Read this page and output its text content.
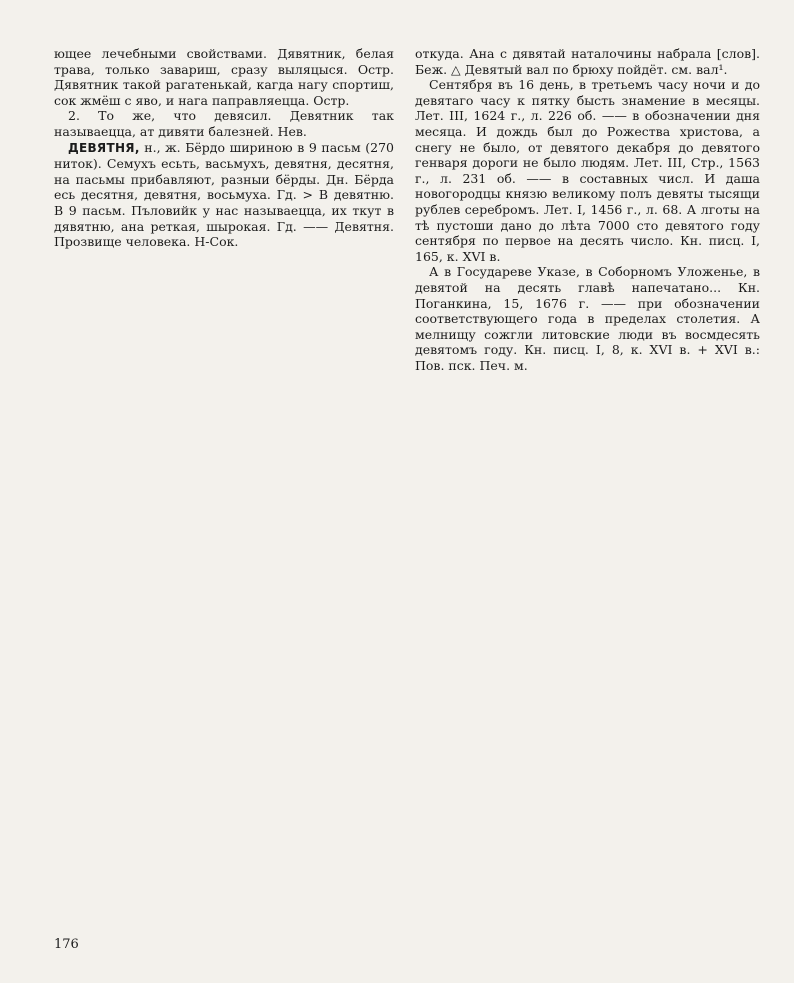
ющее лечебными свойствами. Дявятник, белая трава, только завариш, сразу выляцыся. Остр. Дявятник такой рагатенькай, кагда нагу спортиш, сок жмёш с яво, и нага паправляецца. Остр.

2. То же, что девясил. Девятник так называецца, ат дивяти балезней. Нев.

ДЕВЯТНЯ, н., ж. Бёрдо шириною в 9 пасьм (270 ниток). Семухъ есьть, васьмухъ, девятня, десятня, на пасьмы прибавляют, разныи бёрды. Дн. Бёрда есь десятня, девятня, восьмуха. Гд. > В девятню. В 9 пасьм. Пъловийк у нас называецца, их ткут в дявятню, ана реткая, шырокая. Гд. —— Девятня. Прозвище человека. Н-Сок.

откуда. Ана с дявятай наталочины набрала [слов]. Беж. △ Девятый вал по брюху пойдёт. см. вал¹.

Сентября въ 16 день, в третьемъ часу ночи и до девятаго часу к пятку бысть знамение в месяцы. Лет. III, 1624 г., л. 226 об. —— в обозначении дня месяца. И дождь был до Рожества христова, а снегу не было, от девятого декабря до девятого генваря дороги не было людям. Лет. III, Стр., 1563 г., л. 231 об. —— в составных числ. И даша новогородцы князю великому полъ девяты тысящи рублев серебромъ. Лет. I, 1456 г., л. 68. А лготы на тѣ пустоши дано до лѣта 7000 сто девятого году сентября по первое на десять число. Кн. писц. I, 165, к. XVI в.

А в Государеве Указе, в Соборномъ Уложенье, в девятой на десять главѣ напечатано... Кн. Поганкина, 15, 1676 г. —— при обозначении соответствующего года в пределах столетия. А мелнищу сожгли литовские люди въ восмдесять девятомъ году. Кн. писц. I, 8, к. XVI в. + XVI в.: Пов. пск. Печ. м.

176
